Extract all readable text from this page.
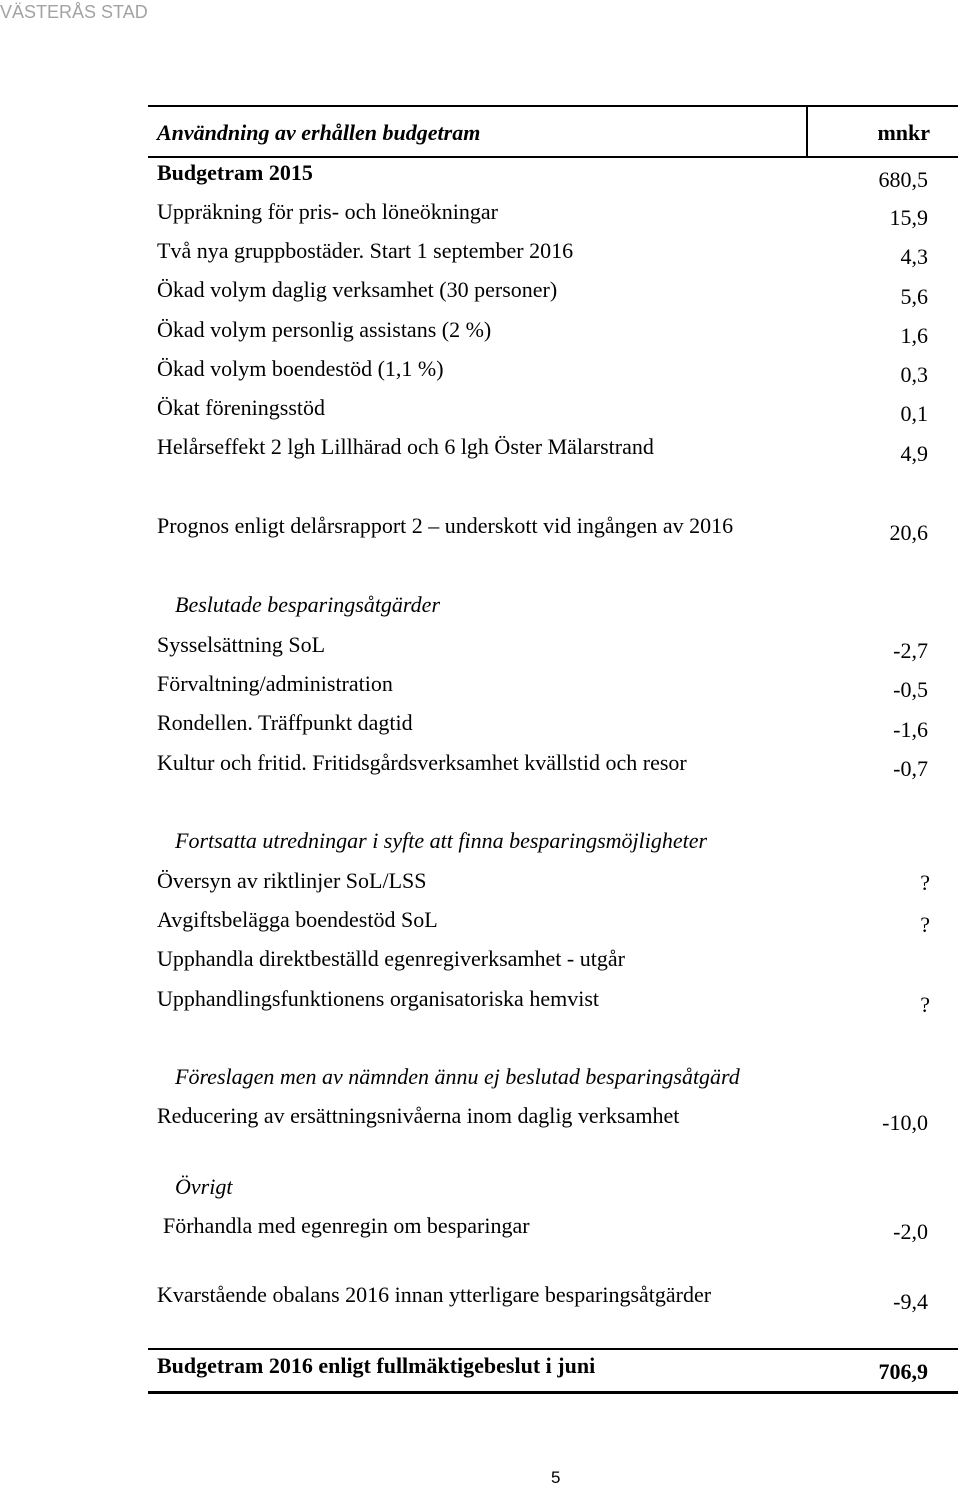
VÄSTERÅS STAD
Användning av erhållen budgetram	mnkr
Budgetram 2015	680,5
Uppräkning för pris- och löneökningar	15,9
Två nya gruppbostäder. Start 1 september 2016	4,3
Ökad volym daglig verksamhet (30 personer)	5,6
Ökad volym personlig assistans (2 %)	1,6
Ökad volym boendestöd (1,1 %)	0,3
Ökat föreningsstöd	0,1
Helårseffekt 2 lgh Lillhärad och 6 lgh Öster Mälarstrand	4,9
Prognos enligt delårsrapport 2 – underskott vid ingången av 2016	20,6
Beslutade besparingsåtgärder
Sysselsättning SoL	-2,7
Förvaltning/administration	-0,5
Rondellen. Träffpunkt dagtid	-1,6
Kultur och fritid. Fritidsgårdsverksamhet kvällstid och resor	-0,7
Fortsatta utredningar i syfte att finna besparingsmöjligheter
Översyn av riktlinjer SoL/LSS	?
Avgiftsbelägga boendestöd SoL	?
Upphandla direktbeställd egenregiverksamhet - utgår
Upphandlingsfunktionens organisatoriska hemvist	?
Föreslagen men av nämnden ännu ej beslutad besparingsåtgärd
Reducering av ersättningsnivåerna inom daglig verksamhet	-10,0
Övrigt
Förhandla med egenregin om besparingar	-2,0
Kvarstående obalans 2016 innan ytterligare besparingsåtgärder	-9,4
Budgetram 2016 enligt fullmäktigebeslut i juni	706,9
5
